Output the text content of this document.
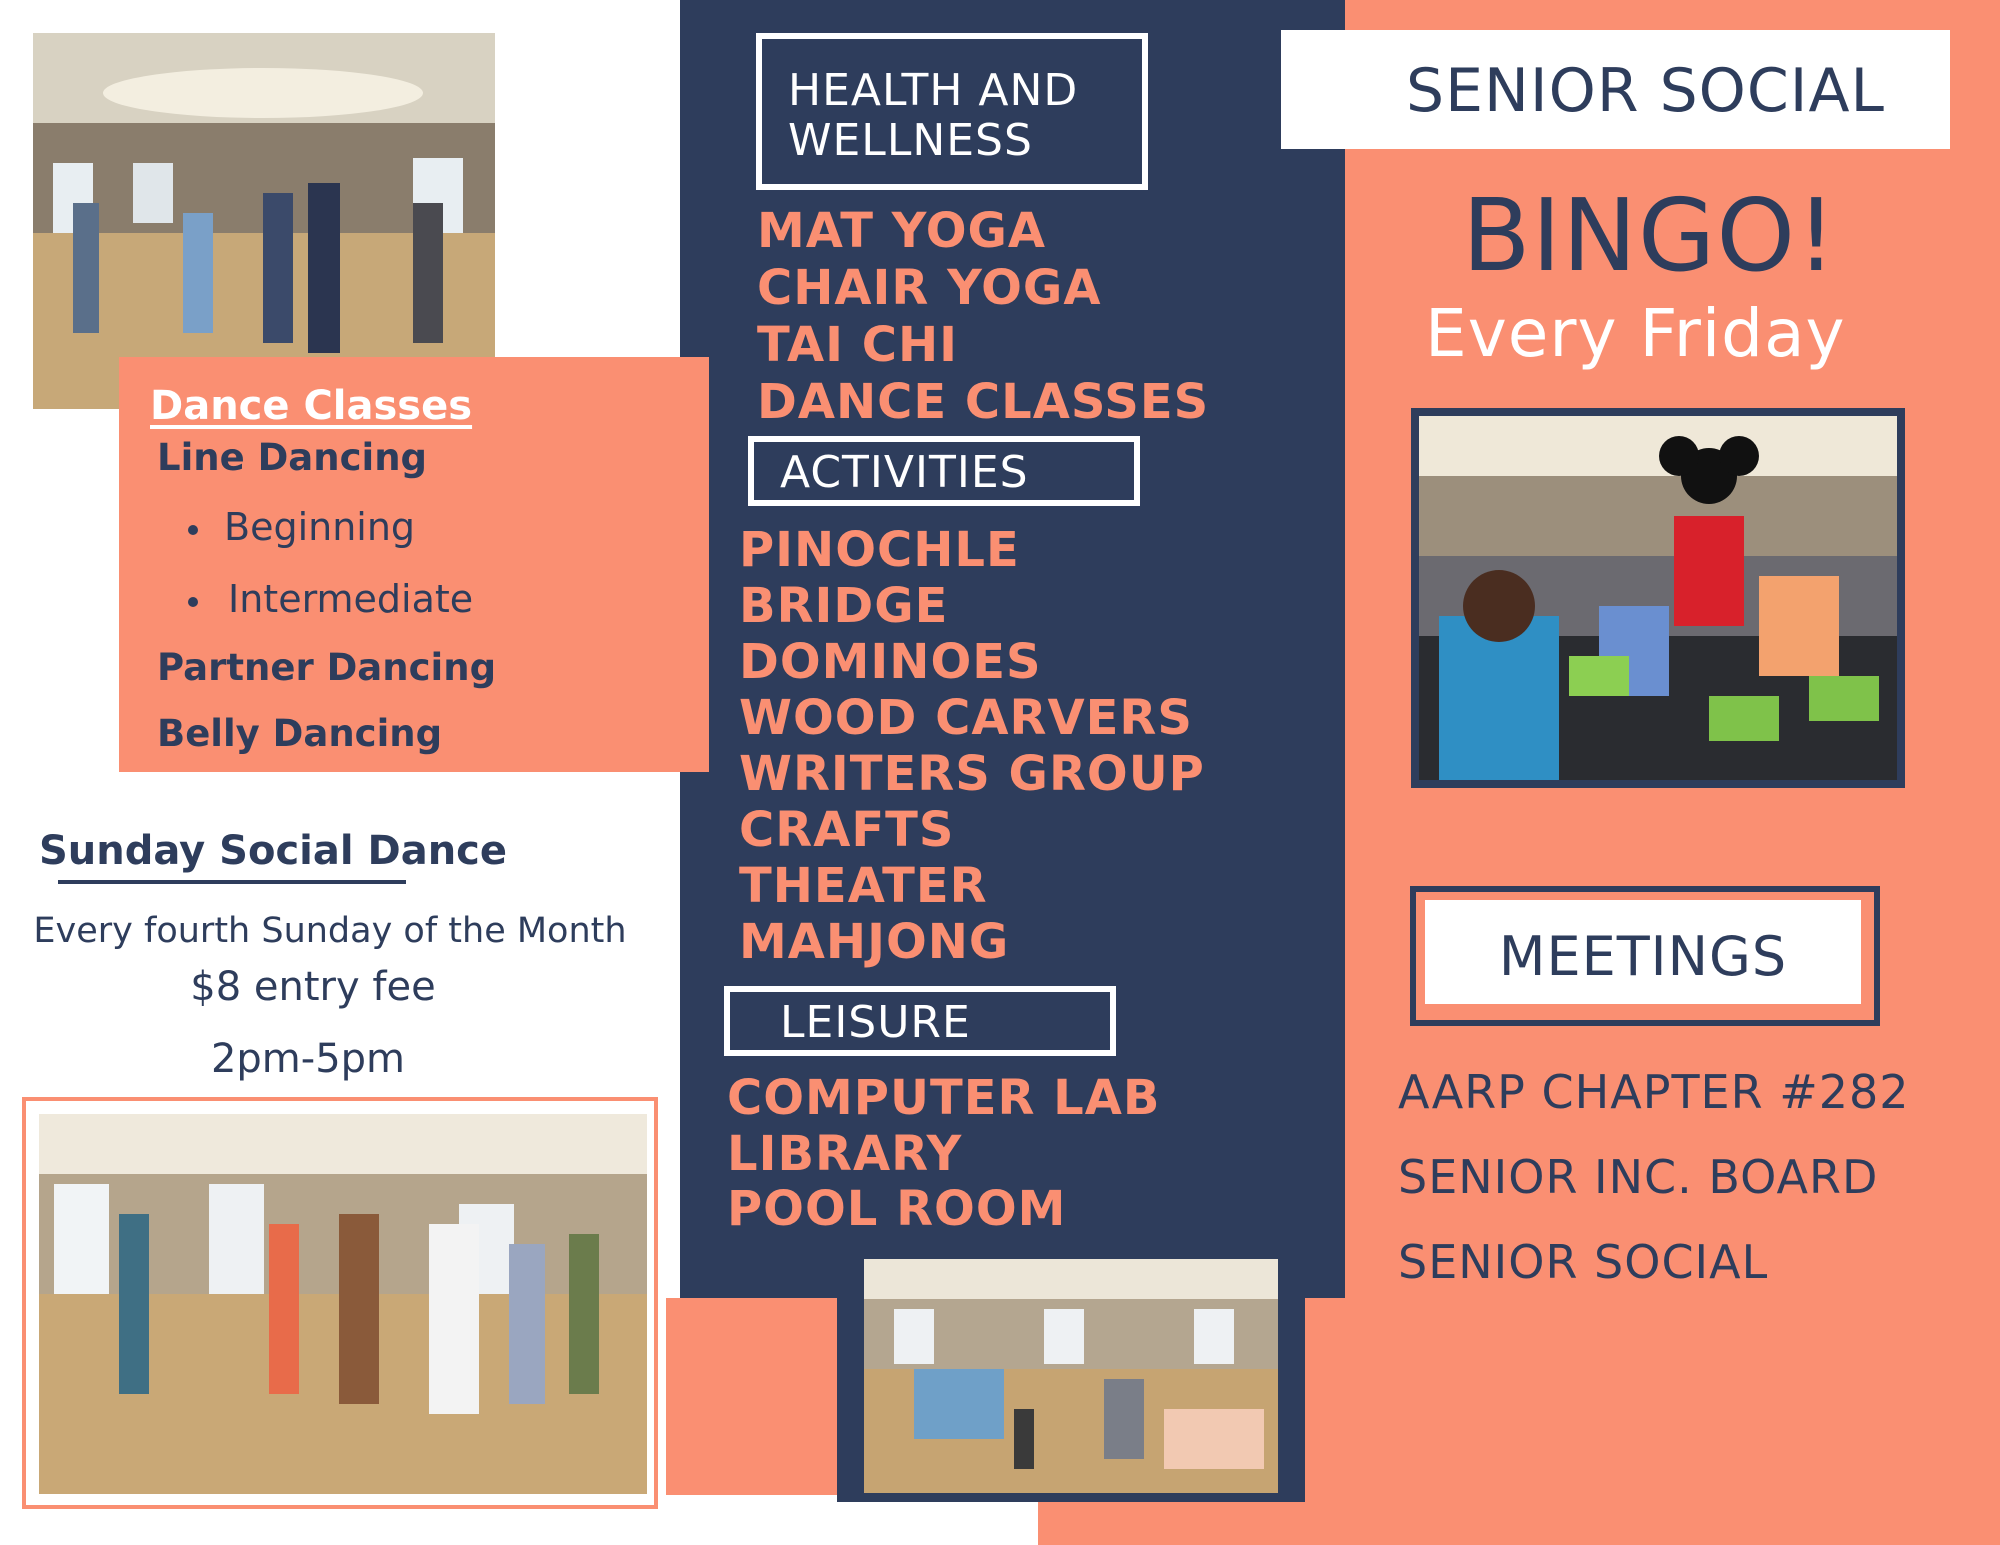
Dance Classes
Line Dancing
Beginning
Intermediate
Partner Dancing
Belly Dancing
Sunday Social Dance
Every fourth Sunday of the Month
$8 entry fee
2pm-5pm
HEALTH AND
WELLNESS
MAT YOGA
CHAIR YOGA
TAI CHI
DANCE CLASSES
ACTIVITIES
PINOCHLE
BRIDGE
DOMINOES
WOOD CARVERS
WRITERS GROUP
CRAFTS
THEATER
MAHJONG
LEISURE
COMPUTER LAB
LIBRARY
POOL ROOM
SENIOR SOCIAL
BINGO!
Every Friday
MEETINGS
AARP CHAPTER #282
SENIOR INC. BOARD
SENIOR SOCIAL
